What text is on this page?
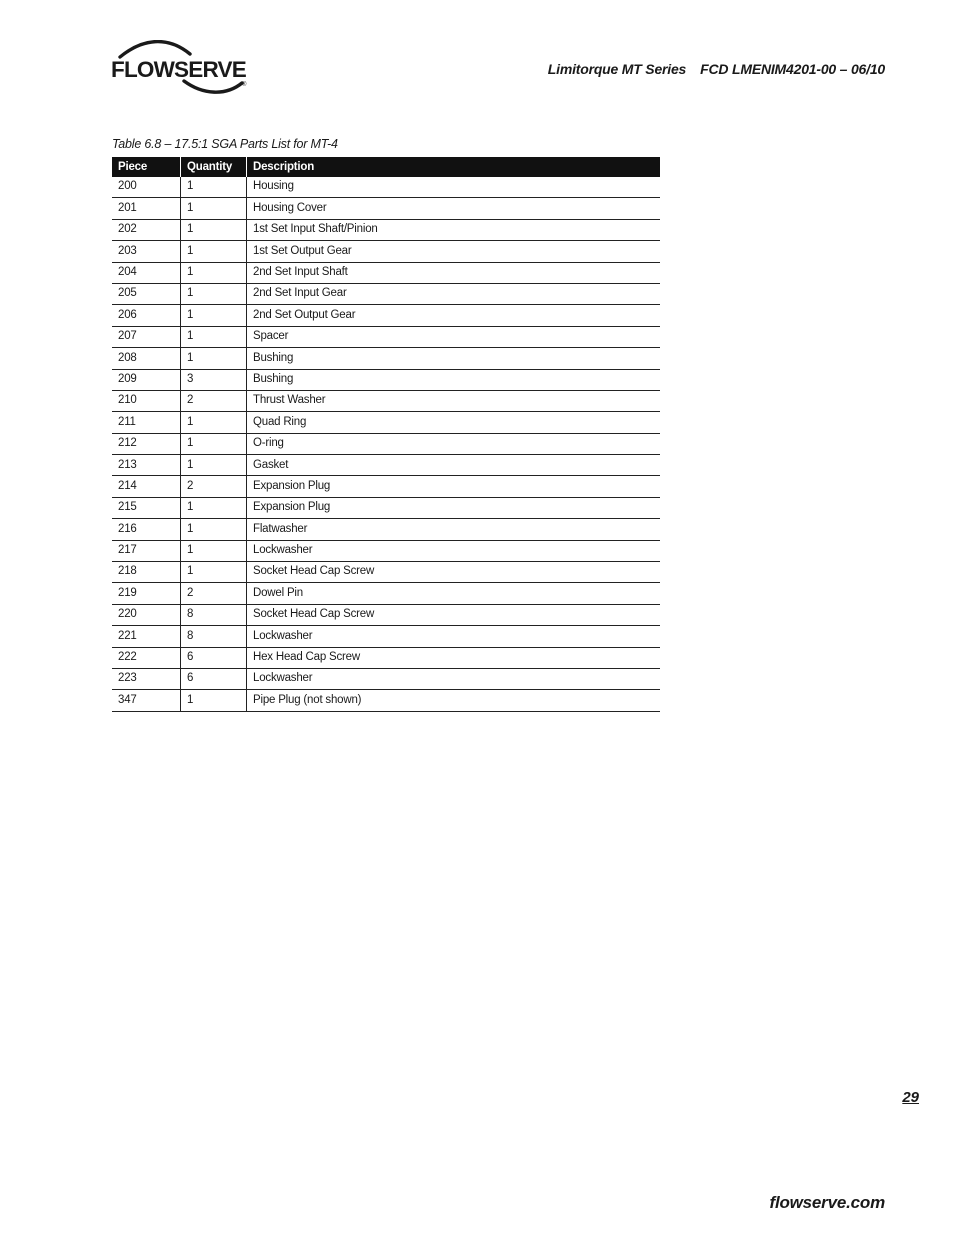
FLOWSERVE
®
Limitorque MT Series FCD LMENIM4201-00 – 06/10
Table 6.8 – 17.5:1 SGA Parts List for MT-4
Piece	Quantity	Description
200	1	Housing
201	1	Housing Cover
202	1	1st Set Input Shaft/Pinion
203	1	1st Set Output Gear
204	1	2nd Set Input Shaft
205	1	2nd Set Input Gear
206	1	2nd Set Output Gear
207	1	Spacer
208	1	Bushing
209	3	Bushing
210	2	Thrust Washer
211	1	Quad Ring
212	1	O-ring
213	1	Gasket
214	2	Expansion Plug
215	1	Expansion Plug
216	1	Flatwasher
217	1	Lockwasher
218	1	Socket Head Cap Screw
219	2	Dowel Pin
220	8	Socket Head Cap Screw
221	8	Lockwasher
222	6	Hex Head Cap Screw
223	6	Lockwasher
347	1	Pipe Plug (not shown)
29
flowserve.com
